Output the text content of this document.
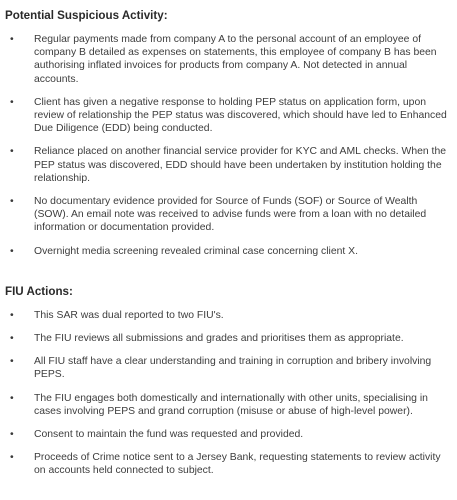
Potential Suspicious Activity:
• Regular payments made from company A to the personal account of an employee of company B detailed as expenses on statements, this employee of company B has been authorising inflated invoices for products from company A. Not detected in annual accounts.
• Client has given a negative response to holding PEP status on application form, upon review of relationship the PEP status was discovered, which should have led to Enhanced Due Diligence (EDD) being conducted.
• Reliance placed on another financial service provider for KYC and AML checks. When the PEP status was discovered, EDD should have been undertaken by institution holding the relationship.
• No documentary evidence provided for Source of Funds (SOF) or Source of Wealth (SOW). An email note was received to advise funds were from a loan with no detailed information or documentation provided.
• Overnight media screening revealed criminal case concerning client X.
FIU Actions:
• This SAR was dual reported to two FIU's.
• The FIU reviews all submissions and grades and prioritises them as appropriate.
• All FIU staff have a clear understanding and training in corruption and bribery involving PEPS.
• The FIU engages both domestically and internationally with other units, specialising in cases involving PEPS and grand corruption (misuse or abuse of high-level power).
• Consent to maintain the fund was requested and provided.
• Proceeds of Crime notice sent to a Jersey Bank, requesting statements to review activity on accounts held connected to subject.
